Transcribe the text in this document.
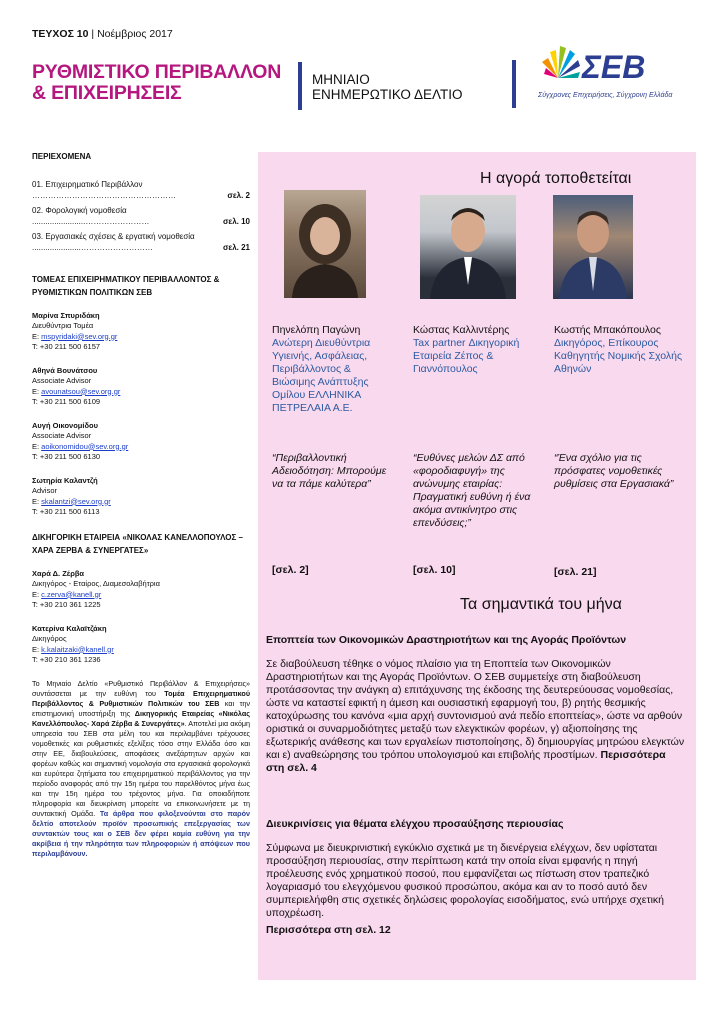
ΤΕΥΧΟΣ 10 | Νοέμβριος 2017
ΡΥΘΜΙΣΤΙΚΟ ΠΕΡΙΒΑΛΛΟΝ
& ΕΠΙΧΕΙΡΗΣΕΙΣ
ΜΗΝΙΑΙΟ
ΕΝΗΜΕΡΩΤΙΚΟ ΔΕΛΤΙΟ
ΣΕΒ
Σύγχρονες Επιχειρήσεις, Σύγχρονη Ελλάδα
ΠΕΡΙΕΧΟΜΕΝΑ
01. Επιχειρηματικό Περιβάλλον
………………………………………………	σελ. 2
02. Φορολογική νομοθεσία
........................……………………	σελ. 10
03. Εργασιακές σχέσεις & εργατική νομοθεσία
......................………………………	σελ. 21
ΤΟΜΕΑΣ ΕΠΙΧΕΙΡΗΜΑΤΙΚΟΥ ΠΕΡΙΒΑΛΛΟΝΤΟΣ & ΡΥΘΜΙΣΤΙΚΩΝ ΠΟΛΙΤΙΚΩΝ ΣΕΒ
Μαρίνα Σπυριδάκη
Διευθύντρια Τομέα
E: mspyridaki@sev.org.gr
T: +30 211 500 6157
Αθηνά Βουνάτσου
Associate Advisor
E: avounatsou@sev.org.gr
T: +30 211 500 6109
Αυγή Οικονομίδου
Associate Advisor
E: aoikonomidou@sev.org.gr
T: +30 211 500 6130
Σωτηρία Καλαντζή
Advisor
E: skalantzi@sev.org.gr
T: +30 211 500 6113
ΔΙΚΗΓΟΡΙΚΗ ΕΤΑΙΡΕΙΑ «ΝΙΚΟΛΑΣ ΚΑΝΕΛΛΟΠΟΥΛΟΣ – ΧΑΡΑ ΖΕΡΒΑ & ΣΥΝΕΡΓΑΤΕΣ»
Χαρά Δ. Ζέρβα
Δικηγόρος - Εταίρος, Διαμεσολαβήτρια
E: c.zerva@kanell.gr
T: +30 210 361 1225
Κατερίνα Καλαϊτζάκη
Δικηγόρος
E: k.kalaitzaki@kanell.gr
T: +30 210 361 1236
Το Μηνιαίο Δελτίο «Ρυθμιστικό Περιβάλλον & Επιχειρήσεις» συντάσσεται με την ευθύνη του Τομέα Επιχειρηματικού Περιβάλλοντος & Ρυθμιστικών Πολιτικών του ΣΕΒ και την επιστημονική υποστήριξη της Δικηγορικής Εταιρείας «Νικόλας Κανελλόπουλος- Χαρά Ζέρβα & Συνεργάτες». Αποτελεί μια ακόμη υπηρεσία του ΣΕΒ στα μέλη του και περιλαμβάνει τρέχουσες νομοθετικές και ρυθμιστικές εξελίξεις τόσο στην Ελλάδα όσο και στην ΕΕ, διαβουλεύσεις, αποφάσεις ανεξάρτητων αρχών και φορέων καθώς και σημαντική νομολογία στα εργασιακά φορολογικά και ευρύτερα ζητήματα του επιχειρηματικού περιβάλλοντος για την περίοδο αναφοράς από την 15η ημέρα του παρελθόντος μήνα έως και την 15η ημέρα του τρέχοντος μήνα. Για οποιαδήποτε πληροφορία και διευκρίνιση μπορείτε να επικοινωνήσετε με τη συντακτική Ομάδα. Τα άρθρα που φιλοξενούνται στο παρόν δελτίο αποτελούν προϊόν προσωπικής επεξεργασίας των συντακτών τους και ο ΣΕΒ δεν φέρει καμία ευθύνη για την ακρίβεια ή την πληρότητα των πληροφοριών ή απόψεων που περιλαμβάνουν.
Η αγορά τοποθετείται
Πηνελόπη Παγώνη
Ανώτερη Διευθύντρια Υγιεινής, Ασφάλειας, Περιβάλλοντος & Βιώσιμης Ανάπτυξης Ομίλου ΕΛΛΗΝΙΚΑ ΠΕΤΡΕΛΑΙΑ Α.Ε.
Κώστας Καλλιντέρης
Tax partner Δικηγορική Εταιρεία Ζέπος & Γιαννόπουλος
Κωστής Μπακόπουλος
Δικηγόρος, Επίκουρος Καθηγητής Νομικής Σχολής Αθηνών
“Περιβαλλοντική Αδειοδότηση: Μπορούμε να τα πάμε καλύτερα”
“Ευθύνες μελών ΔΣ από «φοροδιαφυγή» της ανώνυμης εταιρίας: Πραγματική ευθύνη ή ένα ακόμα αντικίνητρο στις επενδύσεις;”
“Ένα σχόλιο για τις πρόσφατες νομοθετικές ρυθμίσεις στα Εργασιακά”
[σελ. 2]	[σελ. 10]	[σελ. 21]
Τα σημαντικά του μήνα
Εποπτεία των Οικονομικών Δραστηριοτήτων και της Αγοράς Προϊόντων
Σε διαβούλευση τέθηκε ο νόμος πλαίσιο για τη Εποπτεία των Οικονομικών Δραστηριοτήτων και της Αγοράς Προϊόντων. Ο ΣΕΒ συμμετείχε στη διαβούλευση προτάσσοντας την ανάγκη α) επιτάχυνσης της έκδοσης της δευτερεύουσας νομοθεσίας, ώστε να καταστεί εφικτή η άμεση και ουσιαστική εφαρμογή του, β) ρητής θεσμικής κατοχύρωσης του κανόνα «μια αρχή συντονισμού ανά πεδίο εποπτείας», ώστε να αρθούν οριστικά οι συναρμοδιότητες μεταξύ των ελεγκτικών φορέων, γ) αξιοποίησης της εξωτερικής ανάθεσης και των εργαλείων πιστοποίησης, δ) δημιουργίας μητρώου ελεγκτών και ε) αναθεώρησης του τρόπου υπολογισμού και επιβολής προστίμων. Περισσότερα στη σελ. 4
Διευκρινίσεις για θέματα ελέγχου προσαύξησης περιουσίας
Σύμφωνα με διευκρινιστική εγκύκλιο σχετικά με τη διενέργεια ελέγχων, δεν υφίσταται προσαύξηση περιουσίας, στην περίπτωση κατά την οποία είναι εμφανής η πηγή προέλευσης ενός χρηματικού ποσού, που εμφανίζεται ως πίστωση στον τραπεζικό λογαριασμό του ελεγχόμενου φυσικού προσώπου, ακόμα και αν το ποσό αυτό δεν συμπεριελήφθη στις σχετικές δηλώσεις φορολογίας εισοδήματος, ενώ υπήρχε σχετική υποχρέωση.
Περισσότερα στη σελ. 12
